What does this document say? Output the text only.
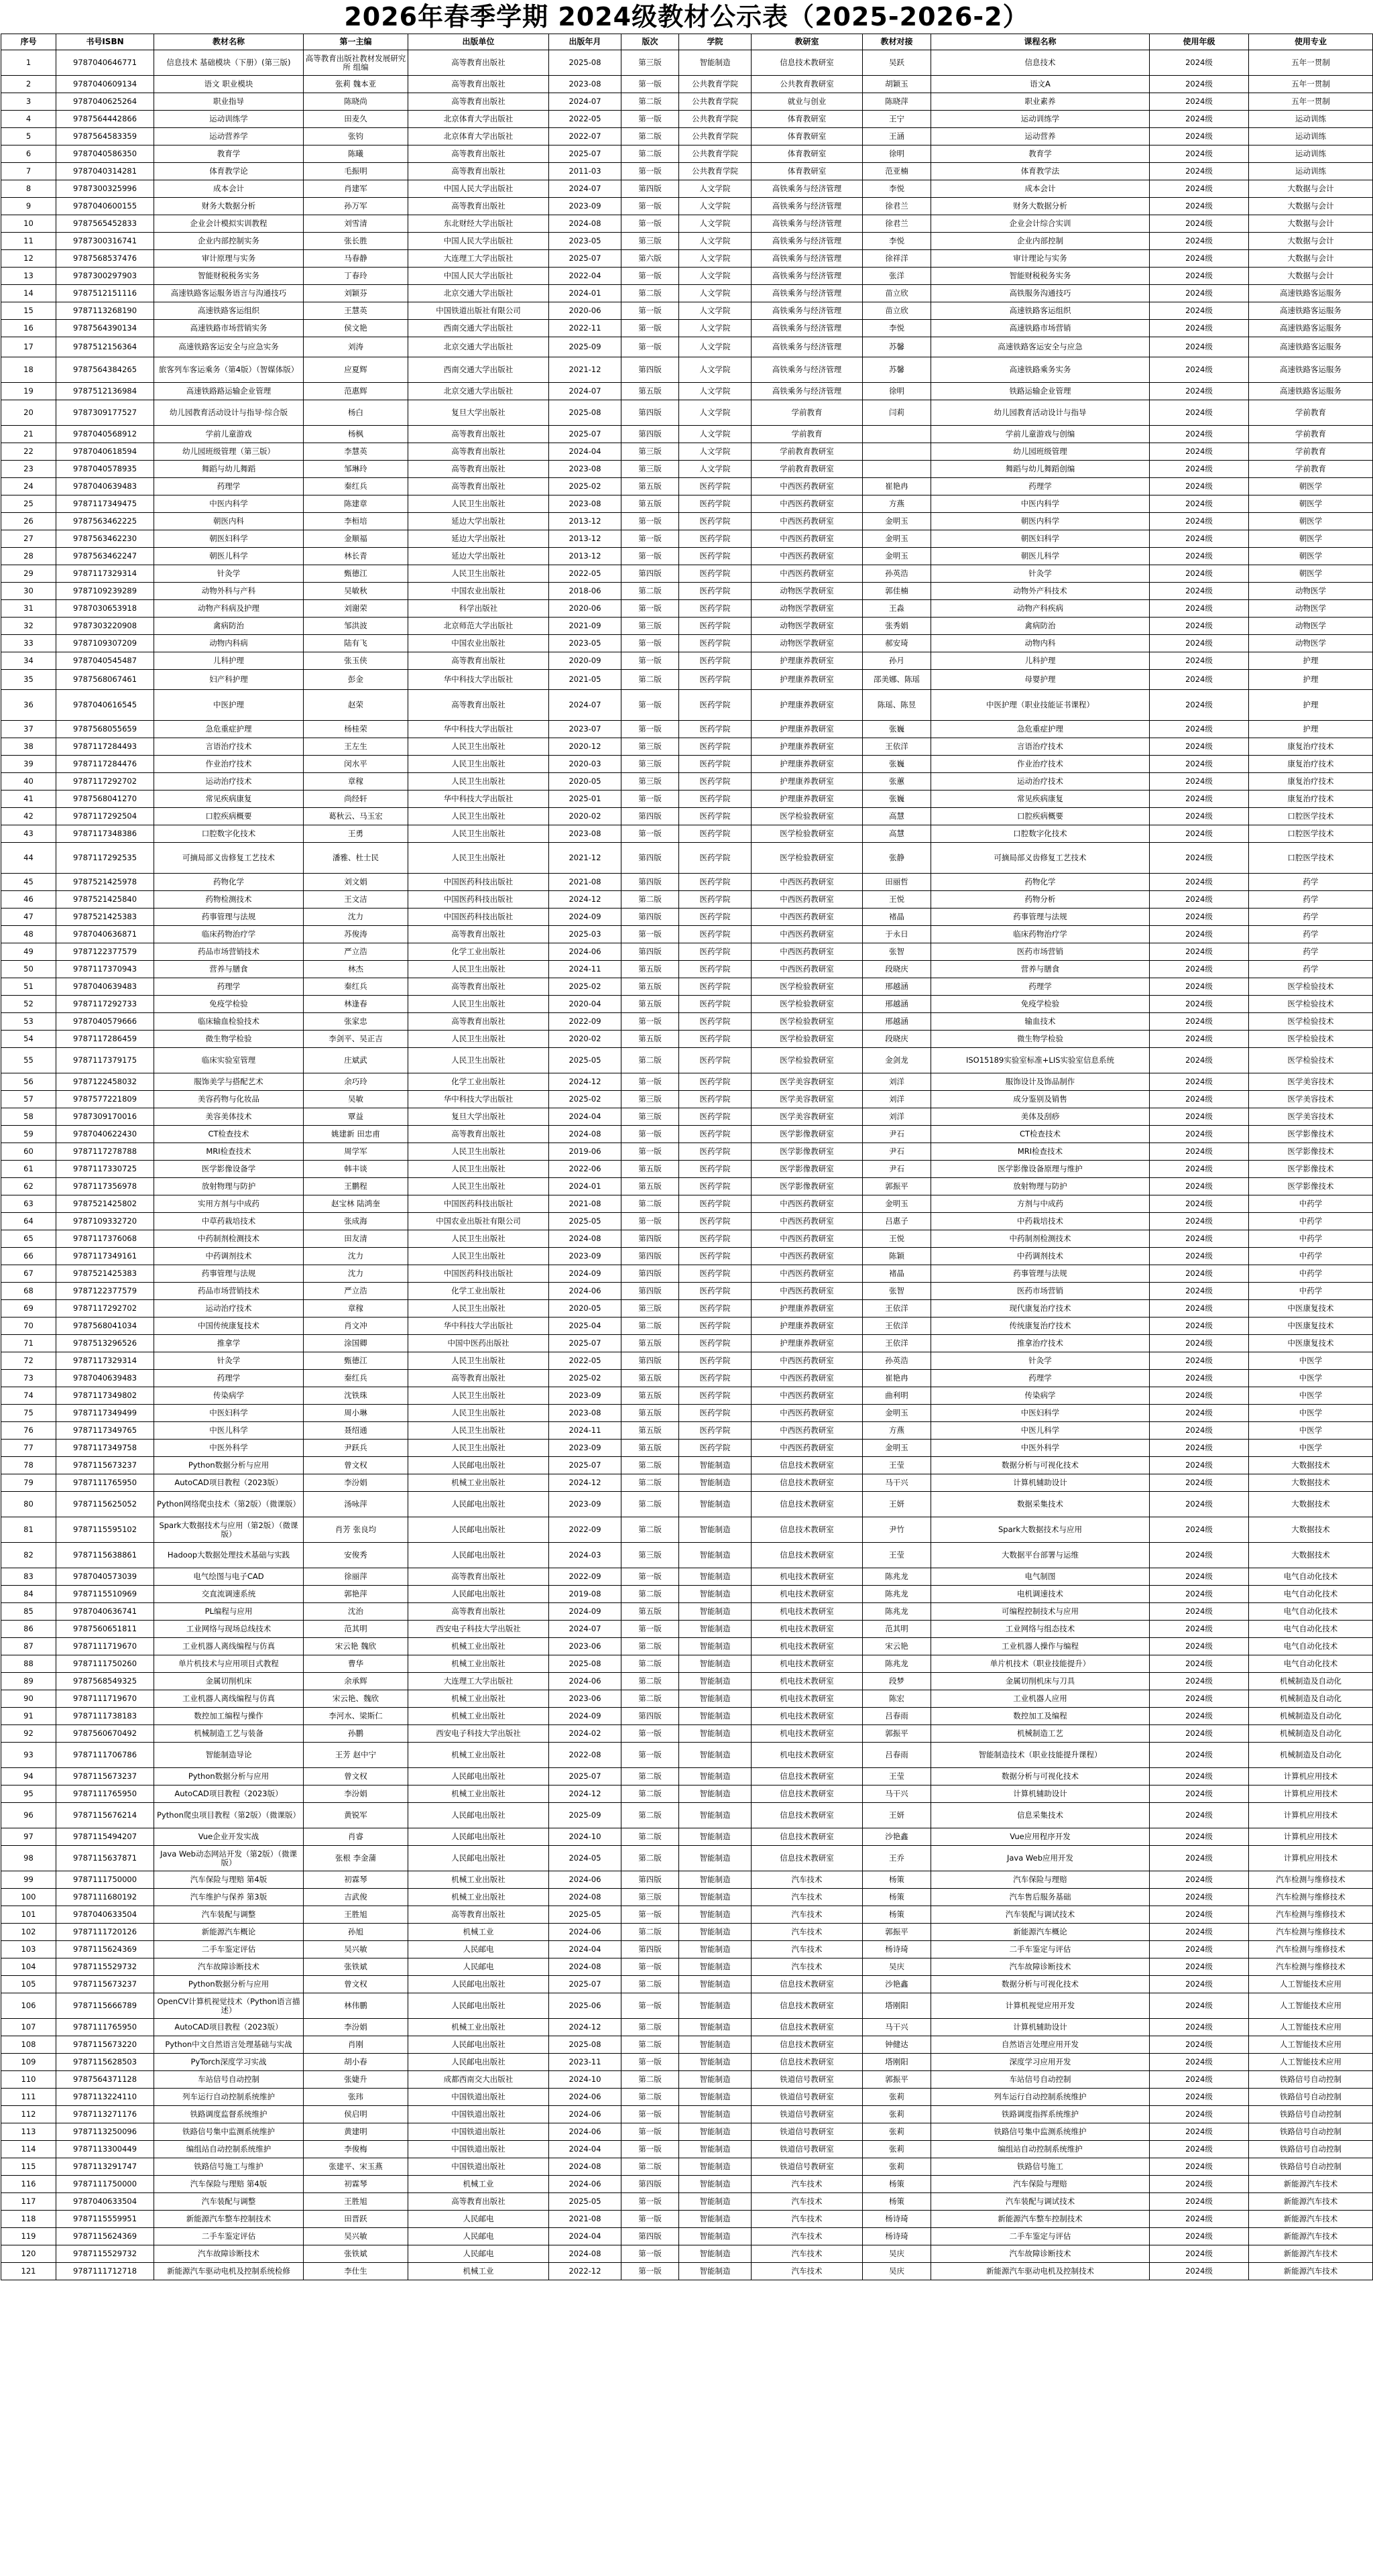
2026年春季学期 2024级教材公示表（2025-2026-2）
序号	书号ISBN	教材名称	第一主编	出版单位	出版年月	版次	学院	教研室	教材对接	课程名称	使用年级	使用专业
1	9787040646771	信息技术 基础模块（下册）(第三版)	高等教育出版社教材发展研究所 组编	高等教育出版社	2025-08	第三版	智能制造	信息技术教研室	吴跃	信息技术	2024级	五年一贯制
2	9787040609134	语文 职业模块	张莉 魏本亚	高等教育出版社	2023-08	第一版	公共教育学院	公共教育教研室	胡颖玉	语文A	2024级	五年一贯制
3	9787040625264	职业指导	陈晓尚	高等教育出版社	2024-07	第二版	公共教育学院	就业与创业	陈晓萍	职业素养	2024级	五年一贯制
4	9787564442866	运动训练学	田麦久	北京体育大学出版社	2022-05	第一版	公共教育学院	体育教研室	王宁	运动训练学	2024级	运动训练
5	9787564583359	运动营养学	张钧	北京体育大学出版社	2022-07	第二版	公共教育学院	体育教研室	王涵	运动营养	2024级	运动训练
6	9787040586350	教育学	陈曦	高等教育出版社	2025-07	第二版	公共教育学院	体育教研室	徐明	教育学	2024级	运动训练
7	9787040314281	体育教学论	毛振明	高等教育出版社	2011-03	第一版	公共教育学院	体育教研室	范亚楠	体育教学法	2024级	运动训练
8	9787300325996	成本会计	肖建军	中国人民大学出版社	2024-07	第四版	人文学院	高铁乘务与经济管理	李悦	成本会计	2024级	大数据与会计
9	9787040600155	财务大数据分析	孙万军	高等教育出版社	2023-09	第一版	人文学院	高铁乘务与经济管理	徐君兰	财务大数据分析	2024级	大数据与会计
10	9787565452833	企业会计模拟实训教程	刘雪清	东北财经大学出版社	2024-08	第一版	人文学院	高铁乘务与经济管理	徐君兰	企业会计综合实训	2024级	大数据与会计
11	9787300316741	企业内部控制实务	张长胜	中国人民大学出版社	2023-05	第三版	人文学院	高铁乘务与经济管理	李悦	企业内部控制	2024级	大数据与会计
12	9787568537476	审计原理与实务	马春静	大连理工大学出版社	2025-07	第六版	人文学院	高铁乘务与经济管理	徐祥洋	审计理论与实务	2024级	大数据与会计
13	9787300297903	智能财税税务实务	丁春玲	中国人民大学出版社	2022-04	第一版	人文学院	高铁乘务与经济管理	张洋	智能财税税务实务	2024级	大数据与会计
14	9787512151116	高速铁路客运服务语言与沟通技巧	刘颖芬	北京交通大学出版社	2024-01	第二版	人文学院	高铁乘务与经济管理	苗立欣	高铁服务沟通技巧	2024级	高速铁路客运服务
15	9787113268190	高速铁路客运组织	王慧英	中国铁道出版社有限公司	2020-06	第一版	人文学院	高铁乘务与经济管理	苗立欣	高速铁路客运组织	2024级	高速铁路客运服务
16	9787564390134	高速铁路市场营销实务	侯文艳	西南交通大学出版社	2022-11	第一版	人文学院	高铁乘务与经济管理	李悦	高速铁路市场营销	2024级	高速铁路客运服务
17	9787512156364	高速铁路客运安全与应急实务	刘涛	北京交通大学出版社	2025-09	第一版	人文学院	高铁乘务与经济管理	苏馨	高速铁路客运安全与应急	2024级	高速铁路客运服务
18	9787564384265	旅客列车客运乘务（第4版）（智媒体版）	应夏辉	西南交通大学出版社	2021-12	第四版	人文学院	高铁乘务与经济管理	苏馨	高速铁路乘务实务	2024级	高速铁路客运服务
19	9787512136984	高速铁路路运输企业管理	范惠辉	北京交通大学出版社	2024-07	第五版	人文学院	高铁乘务与经济管理	徐明	铁路运输企业管理	2024级	高速铁路客运服务
20	9787309177527	幼儿园教育活动设计与指导·综合版	杨白	复旦大学出版社	2025-08	第四版	人文学院	学前教育	闫莉	幼儿园教育活动设计与指导	2024级	学前教育
21	9787040568912	学前儿童游戏	杨枫	高等教育出版社	2025-07	第四版	人文学院	学前教育		学前儿童游戏与创编	2024级	学前教育
22	9787040618594	幼儿园班级管理（第三版）	李慧英	高等教育出版社	2024-04	第三版	人文学院	学前教育教研室		幼儿园班级管理	2024级	学前教育
23	9787040578935	舞蹈与幼儿舞蹈	邹琳玲	高等教育出版社	2023-08	第三版	人文学院	学前教育教研室		舞蹈与幼儿舞蹈创编	2024级	学前教育
24	9787040639483	药理学	秦红兵	高等教育出版社	2025-02	第五版	医药学院	中西医药教研室	崔艳冉	药理学	2024级	朝医学
25	9787117349475	中医内科学	陈建章	人民卫生出版社	2023-08	第五版	医药学院	中西医药教研室	方燕	中医内科学	2024级	朝医学
26	9787563462225	朝医内科	李桓培	延边大学出版社	2013-12	第一版	医药学院	中西医药教研室	金明玉	朝医内科学	2024级	朝医学
27	9787563462230	朝医妇科学	金顺福	延边大学出版社	2013-12	第一版	医药学院	中西医药教研室	金明玉	朝医妇科学	2024级	朝医学
28	9787563462247	朝医儿科学	林长青	延边大学出版社	2013-12	第一版	医药学院	中西医药教研室	金明玉	朝医儿科学	2024级	朝医学
29	9787117329314	针灸学	甄德江	人民卫生出版社	2022-05	第四版	医药学院	中西医药教研室	孙英浩	针灸学	2024级	朝医学
30	9787109239289	动物外科与产科	吴敏秋	中国农业出版社	2018-06	第二版	医药学院	动物医学教研室	郭佳楠	动物外产科技术	2024级	动物医学
31	9787030653918	动物产科病及护理	刘谢荣	科学出版社	2020-06	第一版	医药学院	动物医学教研室	王淼	动物产科疾病	2024级	动物医学
32	9787303220908	禽病防治	邹洪波	北京师范大学出版社	2021-09	第三版	医药学院	动物医学教研室	张秀娟	禽病防治	2024级	动物医学
33	9787109307209	动物内科病	陆有飞	中国农业出版社	2023-05	第一版	医药学院	动物医学教研室	郝安琦	动物内科	2024级	动物医学
34	9787040545487	儿科护理	张玉侠	高等教育出版社	2020-09	第一版	医药学院	护理康养教研室	孙月	儿科护理	2024级	护理
35	9787568067461	妇产科护理	彭金	华中科技大学出版社	2021-05	第二版	医药学院	护理康养教研室	邵美娜、陈瑶	母婴护理	2024级	护理
36	9787040616545	中医护理	赵荣	高等教育出版社	2024-07	第一版	医药学院	护理康养教研室	陈瑶、陈昱	中医护理（职业技能证书课程）	2024级	护理
37	9787568055659	急危重症护理	杨桂荣	华中科技大学出版社	2023-07	第一版	医药学院	护理康养教研室	张巍	急危重症护理	2024级	护理
38	9787117284493	言语治疗技术	王左生	人民卫生出版社	2020-12	第三版	医药学院	护理康养教研室	王依洋	言语治疗技术	2024级	康复治疗技术
39	9787117284476	作业治疗技术	闵水平	人民卫生出版社	2020-03	第三版	医药学院	护理康养教研室	张巍	作业治疗技术	2024级	康复治疗技术
40	9787117292702	运动治疗技术	章稼	人民卫生出版社	2020-05	第三版	医药学院	护理康养教研室	张蕙	运动治疗技术	2024级	康复治疗技术
41	9787568041270	常见疾病康复	尚经轩	华中科技大学出版社	2025-01	第一版	医药学院	护理康养教研室	张巍	常见疾病康复	2024级	康复治疗技术
42	9787117292504	口腔疾病概要	葛秋云、马玉宏	人民卫生出版社	2020-02	第四版	医药学院	医学检验教研室	高慧	口腔疾病概要	2024级	口腔医学技术
43	9787117348386	口腔数字化技术	王勇	人民卫生出版社	2023-08	第一版	医药学院	医学检验教研室	高慧	口腔数字化技术	2024级	口腔医学技术
44	9787117292535	可摘局部义齿修复工艺技术	潘雅、杜士民	人民卫生出版社	2021-12	第四版	医药学院	医学检验教研室	张静	可摘局部义齿修复工艺技术	2024级	口腔医学技术
45	9787521425978	药物化学	刘文娟	中国医药科技出版社	2021-08	第四版	医药学院	中西医药教研室	田丽哲	药物化学	2024级	药学
46	9787521425840	药物检测技术	王文洁	中国医药科技出版社	2024-12	第二版	医药学院	中西医药教研室	王悦	药物分析	2024级	药学
47	9787521425383	药事管理与法规	沈力	中国医药科技出版社	2024-09	第四版	医药学院	中西医药教研室	褚晶	药事管理与法规	2024级	药学
48	9787040636871	临床药物治疗学	苏俊涛	高等教育出版社	2025-03	第一版	医药学院	中西医药教研室	于永日	临床药物治疗学	2024级	药学
49	9787122377579	药品市场营销技术	严立浩	化学工业出版社	2024-06	第四版	医药学院	中西医药教研室	张智	医药市场营销	2024级	药学
50	9787117370943	营养与膳食	林杰	人民卫生出版社	2024-11	第五版	医药学院	中西医药教研室	段晓庆	营养与膳食	2024级	药学
51	9787040639483	药理学	秦红兵	高等教育出版社	2025-02	第五版	医药学院	医学检验教研室	邢越涵	药理学	2024级	医学检验技术
52	9787117292733	免疫学检验	林逢春	人民卫生出版社	2020-04	第五版	医药学院	医学检验教研室	邢越涵	免疫学检验	2024级	医学检验技术
53	9787040579666	临床输血检验技术	张家忠	高等教育出版社	2022-09	第一版	医药学院	医学检验教研室	邢越涵	输血技术	2024级	医学检验技术
54	9787117286459	微生物学检验	李剑平、吴正吉	人民卫生出版社	2020-02	第五版	医药学院	医学检验教研室	段晓庆	微生物学检验	2024级	医学检验技术
55	9787117379175	临床实验室管理	庄斌武	人民卫生出版社	2025-05	第二版	医药学院	医学检验教研室	金剑龙	ISO15189实验室标准+LIS实验室信息系统	2024级	医学检验技术
56	9787122458032	服饰美学与搭配艺术	余巧玲	化学工业出版社	2024-12	第一版	医药学院	医学美容教研室	刘洋	服饰设计及饰品制作	2024级	医学美容技术
57	9787577221809	美容药物与化妆品	吴敏	华中科技大学出版社	2025-02	第三版	医药学院	医学美容教研室	刘洋	成分鉴别及销售	2024级	医学美容技术
58	9787309170016	美容美体技术	覃益	复旦大学出版社	2024-04	第三版	医药学院	医学美容教研室	刘洋	美体及刮痧	2024级	医学美容技术
59	9787040622430	CT检查技术	姚建新 田忠甫	高等教育出版社	2024-08	第一版	医药学院	医学影像教研室	尹石	CT检查技术	2024级	医学影像技术
60	9787117278788	MRI检查技术	周学军	人民卫生出版社	2019-06	第一版	医药学院	医学影像教研室	尹石	MRI检查技术	2024级	医学影像技术
61	9787117330725	医学影像设备学	韩丰谈	人民卫生出版社	2022-06	第五版	医药学院	医学影像教研室	尹石	医学影像设备原理与维护	2024级	医学影像技术
62	9787117356978	放射物理与防护	王鹏程	人民卫生出版社	2024-01	第五版	医药学院	医学影像教研室	郭振平	放射物理与防护	2024级	医学影像技术
63	9787521425802	实用方剂与中成药	赵宝林 陆鸿奎	中国医药科技出版社	2021-08	第二版	医药学院	中西医药教研室	金明玉	方剂与中成药	2024级	中药学
64	9787109332720	中草药栽培技术	张成海	中国农业出版社有限公司	2025-05	第一版	医药学院	中西医药教研室	吕惠子	中药栽培技术	2024级	中药学
65	9787117376068	中药制剂检测技术	田友清	人民卫生出版社	2024-08	第四版	医药学院	中西医药教研室	王悦	中药制剂检测技术	2024级	中药学
66	9787117349161	中药调剂技术	沈力	人民卫生出版社	2023-09	第四版	医药学院	中西医药教研室	陈颖	中药调剂技术	2024级	中药学
67	9787521425383	药事管理与法规	沈力	中国医药科技出版社	2024-09	第四版	医药学院	中西医药教研室	褚晶	药事管理与法规	2024级	中药学
68	9787122377579	药品市场营销技术	严立浩	化学工业出版社	2024-06	第四版	医药学院	中西医药教研室	张智	医药市场营销	2024级	中药学
69	9787117292702	运动治疗技术	章稼	人民卫生出版社	2020-05	第三版	医药学院	护理康养教研室	王依洋	现代康复治疗技术	2024级	中医康复技术
70	9787568041034	中国传统康复技术	肖文冲	华中科技大学出版社	2025-04	第二版	医药学院	护理康养教研室	王依洋	传统康复治疗技术	2024级	中医康复技术
71	9787513296526	推拿学	涂国卿	中国中医药出版社	2025-07	第五版	医药学院	护理康养教研室	王依洋	推拿治疗技术	2024级	中医康复技术
72	9787117329314	针灸学	甄德江	人民卫生出版社	2022-05	第四版	医药学院	中西医药教研室	孙英浩	针灸学	2024级	中医学
73	9787040639483	药理学	秦红兵	高等教育出版社	2025-02	第五版	医药学院	中西医药教研室	崔艳冉	药理学	2024级	中医学
74	9787117349802	传染病学	沈铁珠	人民卫生出版社	2023-09	第五版	医药学院	中西医药教研室	曲利明	传染病学	2024级	中医学
75	9787117349499	中医妇科学	周小琳	人民卫生出版社	2023-08	第五版	医药学院	中西医药教研室	金明玉	中医妇科学	2024级	中医学
76	9787117349765	中医儿科学	聂绍通	人民卫生出版社	2024-11	第五版	医药学院	中西医药教研室	方燕	中医儿科学	2024级	中医学
77	9787117349758	中医外科学	尹跃兵	人民卫生出版社	2023-09	第五版	医药学院	中西医药教研室	金明玉	中医外科学	2024级	中医学
78	9787115673237	Python数据分析与应用	曾文权	人民邮电出版社	2025-07	第二版	智能制造	信息技术教研室	王莹	数据分析与可视化技术	2024级	大数据技术
79	9787111765950	AutoCAD项目教程（2023版）	李汾娟	机械工业出版社	2024-12	第二版	智能制造	信息技术教研室	马干兴	计算机辅助设计	2024级	大数据技术
80	9787115625052	Python网络爬虫技术（第2版）（微课版）	汤咏萍	人民邮电出版社	2023-09	第二版	智能制造	信息技术教研室	王妍	数据采集技术	2024级	大数据技术
81	9787115595102	Spark大数据技术与应用（第2版）（微课版）	肖芳 张良均	人民邮电出版社	2022-09	第二版	智能制造	信息技术教研室	尹竹	Spark大数据技术与应用	2024级	大数据技术
82	9787115638861	Hadoop大数据处理技术基础与实践	安俊秀	人民邮电出版社	2024-03	第三版	智能制造	信息技术教研室	王莹	大数据平台部署与运维	2024级	大数据技术
83	9787040573039	电气绘图与电子CAD	徐丽萍	高等教育出版社	2022-09	第一版	智能制造	机电技术教研室	陈兆龙	电气制图	2024级	电气自动化技术
84	9787115510969	交直流调速系统	郭艳萍	人民邮电出版社	2019-08	第二版	智能制造	机电技术教研室	陈兆龙	电机调速技术	2024级	电气自动化技术
85	9787040636741	PL编程与应用	沈治	高等教育出版社	2024-09	第五版	智能制造	机电技术教研室	陈兆龙	可编程控制技术与应用	2024级	电气自动化技术
86	9787560651811	工业网络与现场总线技术	范其明	西安电子科技大学出版社	2024-07	第一版	智能制造	机电技术教研室	范其明	工业网络与组态技术	2024级	电气自动化技术
87	9787111719670	工业机器人离线编程与仿真	宋云艳 魏欣	机械工业出版社	2023-06	第二版	智能制造	机电技术教研室	宋云艳	工业机器人操作与编程	2024级	电气自动化技术
88	9787111750260	单片机技术与应用项目式教程	曹华	机械工业出版社	2025-08	第二版	智能制造	机电技术教研室	陈兆龙	单片机技术（职业技能提升）	2024级	电气自动化技术
89	9787568549325	金属切削机床	余承辉	大连理工大学出版社	2024-06	第二版	智能制造	机电技术教研室	段梦	金属切削机床与刀具	2024级	机械制造及自动化
90	9787111719670	工业机器人离线编程与仿真	宋云艳、魏欣	机械工业出版社	2023-06	第二版	智能制造	机电技术教研室	陈宏	工业机器人应用	2024级	机械制造及自动化
91	9787111738183	数控加工编程与操作	李河水、梁斯仁	机械工业出版社	2024-09	第四版	智能制造	机电技术教研室	吕春雨	数控加工及编程	2024级	机械制造及自动化
92	9787560670492	机械制造工艺与装备	孙鹏	西安电子科技大学出版社	2024-02	第一版	智能制造	机电技术教研室	郭振平	机械制造工艺	2024级	机械制造及自动化
93	9787111706786	智能制造导论	王芳 赵中宁	机械工业出版社	2022-08	第一版	智能制造	机电技术教研室	吕春雨	智能制造技术（职业技能提升课程）	2024级	机械制造及自动化
94	9787115673237	Python数据分析与应用	曾文权	人民邮电出版社	2025-07	第二版	智能制造	信息技术教研室	王莹	数据分析与可视化技术	2024级	计算机应用技术
95	9787111765950	AutoCAD项目教程（2023版）	李汾娟	机械工业出版社	2024-12	第二版	智能制造	信息技术教研室	马干兴	计算机辅助设计	2024级	计算机应用技术
96	9787115676214	Python爬虫项目教程（第2版）（微课版）	黄锐军	人民邮电出版社	2025-09	第二版	智能制造	信息技术教研室	王妍	信息采集技术	2024级	计算机应用技术
97	9787115494207	Vue企业开发实战	肖睿	人民邮电出版社	2024-10	第二版	智能制造	信息技术教研室	沙艳鑫	Vue应用程序开发	2024级	计算机应用技术
98	9787115637871	Java Web动态网站开发（第2版）（微课版）	张根 李金蒲	人民邮电出版社	2024-05	第二版	智能制造	信息技术教研室	王乔	Java Web应用开发	2024级	计算机应用技术
99	9787111750000	汽车保险与理赔 第4版	初霖琴	机械工业出版社	2024-06	第四版	智能制造	汽车技术	杨策	汽车保险与理赔	2024级	汽车检测与维修技术
100	9787111680192	汽车维护与保养 第3版	吉武俊	机械工业出版社	2024-08	第三版	智能制造	汽车技术	杨策	汽车售后服务基础	2024级	汽车检测与维修技术
101	9787040633504	汽车装配与调整	王胜旭	高等教育出版社	2025-05	第一版	智能制造	汽车技术	杨策	汽车装配与调试技术	2024级	汽车检测与维修技术
102	9787111720126	新能源汽车概论	孙旭	机械工业	2024-06	第二版	智能制造	汽车技术	郭振平	新能源汽车概论	2024级	汽车检测与维修技术
103	9787115624369	二手车鉴定评估	吴兴敏	人民邮电	2024-04	第四版	智能制造	汽车技术	杨诗琦	二手车鉴定与评估	2024级	汽车检测与维修技术
104	9787115529732	汽车故障诊断技术	张铁斌	人民邮电	2024-08	第一版	智能制造	汽车技术	吴庆	汽车故障诊断技术	2024级	汽车检测与维修技术
105	9787115673237	Python数据分析与应用	曾文权	人民邮电出版社	2025-07	第二版	智能制造	信息技术教研室	沙艳鑫	数据分析与可视化技术	2024级	人工智能技术应用
106	9787115666789	OpenCV计算机视觉技术（Python语言描述）	林伟鹏	人民邮电出版社	2025-06	第一版	智能制造	信息技术教研室	塔刚阳	计算机视觉应用开发	2024级	人工智能技术应用
107	9787111765950	AutoCAD项目教程（2023版）	李汾娟	机械工业出版社	2024-12	第二版	智能制造	信息技术教研室	马干兴	计算机辅助设计	2024级	人工智能技术应用
108	9787115673220	Python中文自然语言处理基础与实战	肖刚	人民邮电出版社	2025-08	第二版	智能制造	信息技术教研室	钟健达	自然语言处理应用开发	2024级	人工智能技术应用
109	9787115628503	PyTorch深度学习实战	胡小春	人民邮电出版社	2023-11	第一版	智能制造	信息技术教研室	塔刚阳	深度学习应用开发	2024级	人工智能技术应用
110	9787564371128	车站信号自动控制	张婕升	成都西南交大出版社	2024-10	第二版	智能制造	铁道信号教研室	郭振平	车站信号自动控制	2024级	铁路信号自动控制
111	9787113224110	列车运行自动控制系统维护	张玮	中国铁道出版社	2024-06	第二版	智能制造	铁道信号教研室	张莉	列车运行自动控制系统维护	2024级	铁路信号自动控制
112	9787113271176	铁路调度监督系统维护	侯启明	中国铁道出版社	2024-06	第一版	智能制造	铁道信号教研室	张莉	铁路调度指挥系统维护	2024级	铁路信号自动控制
113	9787113250096	铁路信号集中监测系统维护	黄建明	中国铁道出版社	2024-06	第一版	智能制造	铁道信号教研室	张莉	铁路信号集中监测系统维护	2024级	铁路信号自动控制
114	9787113300449	编组站自动控制系统维护	李俊梅	中国铁道出版社	2024-04	第一版	智能制造	铁道信号教研室	张莉	编组站自动控制系统维护	2024级	铁路信号自动控制
115	9787113291747	铁路信号施工与维护	张建平、宋玉燕	中国铁道出版社	2024-08	第二版	智能制造	铁道信号教研室	张莉	铁路信号施工	2024级	铁路信号自动控制
116	9787111750000	汽车保险与理赔 第4版	初霖琴	机械工业	2024-06	第四版	智能制造	汽车技术	杨策	汽车保险与理赔	2024级	新能源汽车技术
117	9787040633504	汽车装配与调整	王胜旭	高等教育出版社	2025-05	第一版	智能制造	汽车技术	杨策	汽车装配与调试技术	2024级	新能源汽车技术
118	9787115559951	新能源汽车整车控制技术	田晋跃	人民邮电	2021-08	第一版	智能制造	汽车技术	杨诗琦	新能源汽车整车控制技术	2024级	新能源汽车技术
119	9787115624369	二手车鉴定评估	吴兴敏	人民邮电	2024-04	第四版	智能制造	汽车技术	杨诗琦	二手车鉴定与评估	2024级	新能源汽车技术
120	9787115529732	汽车故障诊断技术	张铁斌	人民邮电	2024-08	第一版	智能制造	汽车技术	吴庆	汽车故障诊断技术	2024级	新能源汽车技术
121	9787111712718	新能源汽车驱动电机及控制系统检修	李仕生	机械工业	2022-12	第一版	智能制造	汽车技术	吴庆	新能源汽车驱动电机及控制技术	2024级	新能源汽车技术
